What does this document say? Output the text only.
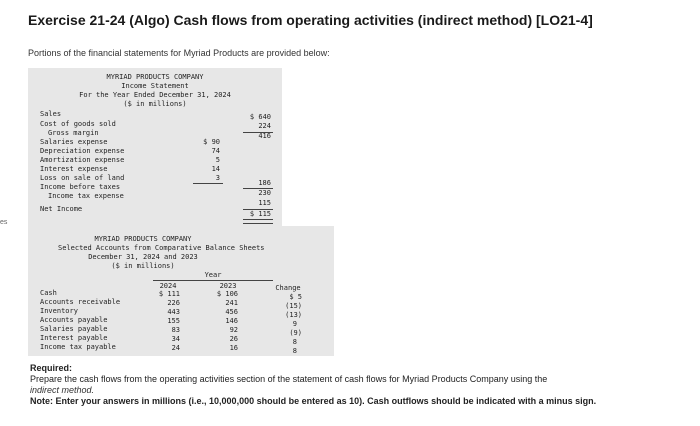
es
Exercise 21-24 (Algo) Cash flows from operating activities (indirect method) [LO21-4]
Portions of the financial statements for Myriad Products are provided below:
MYRIAD PRODUCTS COMPANY
Income Statement
For the Year Ended December 31, 2024
($ in millions)
Sales
Cost of goods sold
Gross margin
Salaries expense
Depreciation expense
Amortization expense
Interest expense
Loss on sale of land
Income before taxes
Income tax expense
Net Income
$ 90
74
5
14
3
$ 640
224
416
186
230
115
$ 115
MYRIAD PRODUCTS COMPANY
Selected Accounts from Comparative Balance Sheets
December 31, 2024 and 2023
($ in millions)
Year
2024	2023	Change
Cash
Accounts receivable
Inventory
Accounts payable
Salaries payable
Interest payable
Income tax payable
$ 111
226
443
155
83
34
24
$ 106
241
456
146
92
26
16
$ 5
(15)
(13)
9
(9)
8
8
Required:
Prepare the cash flows from the operating activities section of the statement of cash flows for Myriad Products Company using the
indirect method.
Note: Enter your answers in millions (i.e., 10,000,000 should be entered as 10). Cash outflows should be indicated with a minus sign.
